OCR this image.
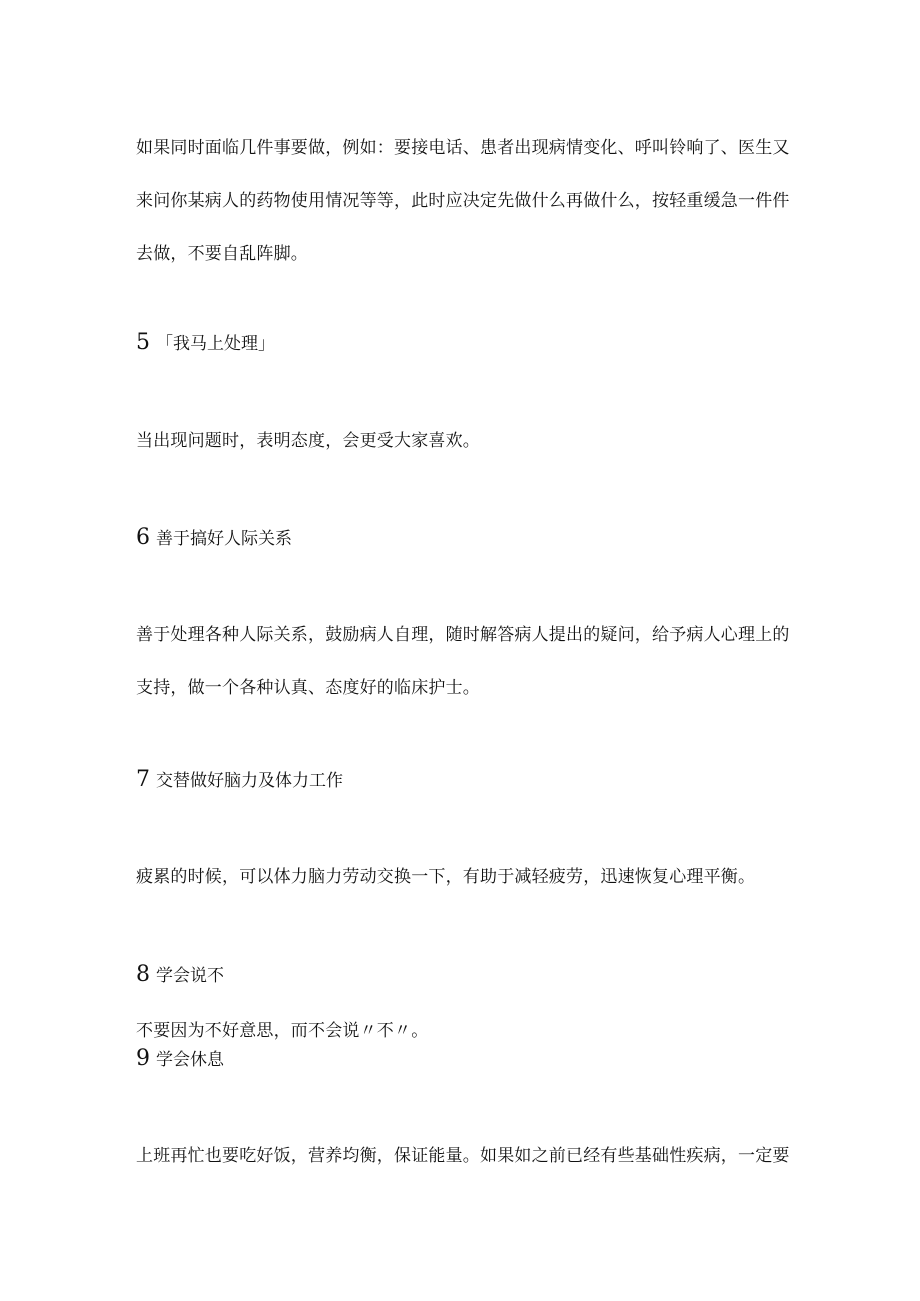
如果同时面临几件事要做，例如：要接电话、患者出现病情变化、呼叫铃响了、医生又
来问你某病人的药物使用情况等等，此时应决定先做什么再做什么，按轻重缓急一件件
去做，不要自乱阵脚。
5 「我马上处理」
当出现问题时，表明态度，会更受大家喜欢。
6 善于搞好人际关系
善于处理各种人际关系，鼓励病人自理，随时解答病人提出的疑问，给予病人心理上的
支持，做一个各种认真、态度好的临床护士。
7 交替做好脑力及体力工作
疲累的时候，可以体力脑力劳动交换一下，有助于减轻疲劳，迅速恢复心理平衡。
8 学会说不
不要因为不好意思，而不会说〃不〃。
9 学会休息
上班再忙也要吃好饭，营养均衡，保证能量。如果如之前已经有些基础性疾病，一定要
